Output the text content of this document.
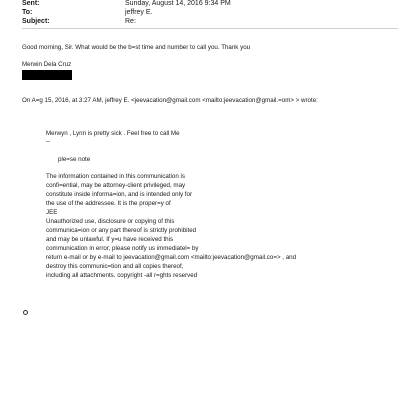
Sent:	Sunday, August 14, 2016 9:34 PM
To:	jeffrey E.
Subject:	Re:
Good morning, Sir. What would be the b=st time and number to call you. Thank you
Merwin Dela Cruz
On A=g 15, 2016, at 3:27 AM, jeffrey E. <jeevacation@gmail.com <mailto:jeevacation@gmail.=om> > wrote:
Merwyn , Lynn is pretty sick . Feel free to call Me
--
ple=se note
The information contained in this communication is
confi=ential, may be attorney-client privileged, may
constitute inside informa=ion, and is intended only for
the use of the addressee. It is the proper=y of
JEE
Unauthorized use, disclosure or copying of this
communica=ion or any part thereof is strictly prohibited
and may be unlawful. If y=u have received this
communication in error, please notify us immediatel= by
return e-mail or by e-mail to jeevacation@gmail.com <mailto:jeevacation@gmail.co=> , and
destroy this communic=tion and all copies thereof,
including all attachments. copyright -all r=ghts reserved
